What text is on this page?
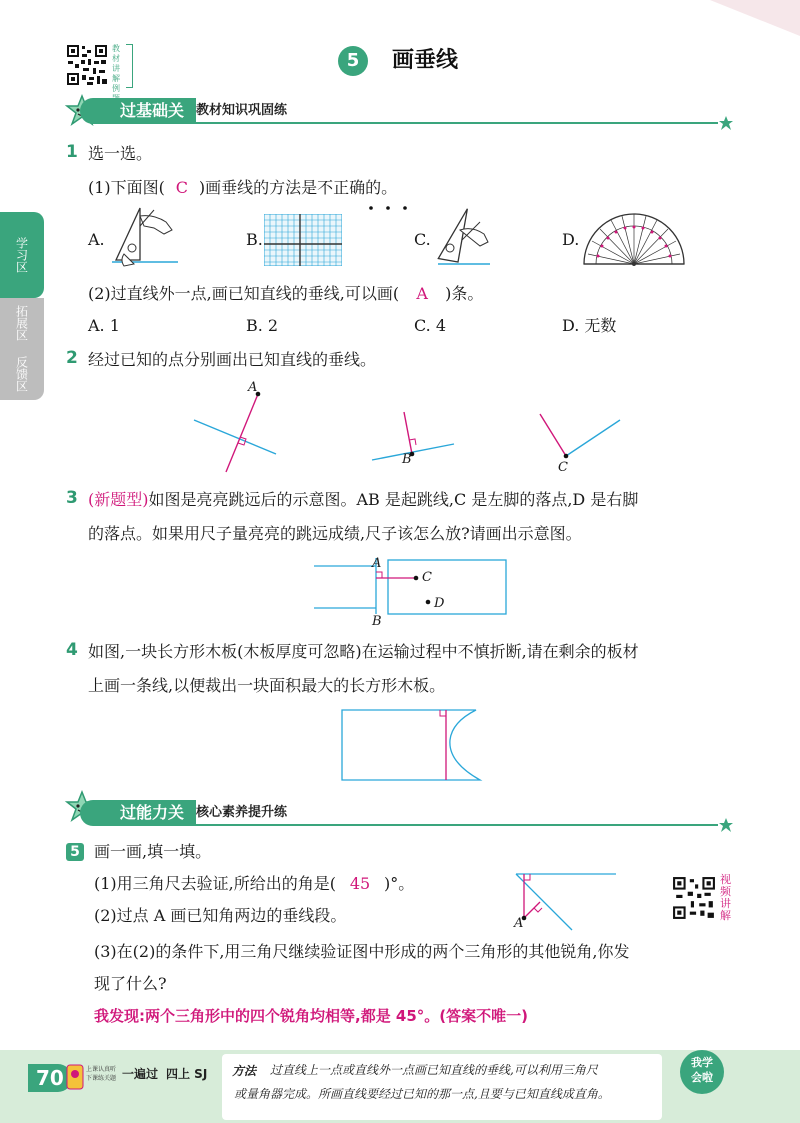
教材讲解例
5	画垂线
学习区
拓展区
反馈区
过基础关 教材知识巩固练
1 选一选。
(1)下面图( C )画垂线的方法是不正确的。
A.	B.	C.	D.
(2)过直线外一点,画已知直线的垂线,可以画( A )条。
A. 1	B. 2	C. 4	D. 无数
2 经过已知的点分别画出已知直线的垂线。
A
B
C
3 (新题型)如图是亮亮跳远后的示意图。AB 是起跳线,C 是左脚的落点,D 是右脚
的落点。如果用尺子量亮亮的跳远成绩,尺子该怎么放?请画出示意图。
A
B
C
D
4 如图,一块长方形木板(木板厚度可忽略)在运输过程中不慎折断,请在剩余的板材
上画一条线,以便裁出一块面积最大的长方形木板。
过能力关 核心素养提升练
5 画一画,填一填。
(1)用三角尺去验证,所给出的角是( 45 )°。
(2)过点 A 画已知角两边的垂线段。
(3)在(2)的条件下,用三角尺继续验证图中形成的两个三角形的其他锐角,你发
现了什么?
我发现:两个三角形中的四个锐角均相等,都是 45°。(答案不唯一)
A
视频讲解
70	上课认真听
下课练关题 一遍过 四上 SJ 方法 过直线上一点或直线外一点画已知直线的垂线,可以利用三角尺
或量角器完成。所画直线要经过已知的那一点,且要与已知直线成直角。
我学
会啦
